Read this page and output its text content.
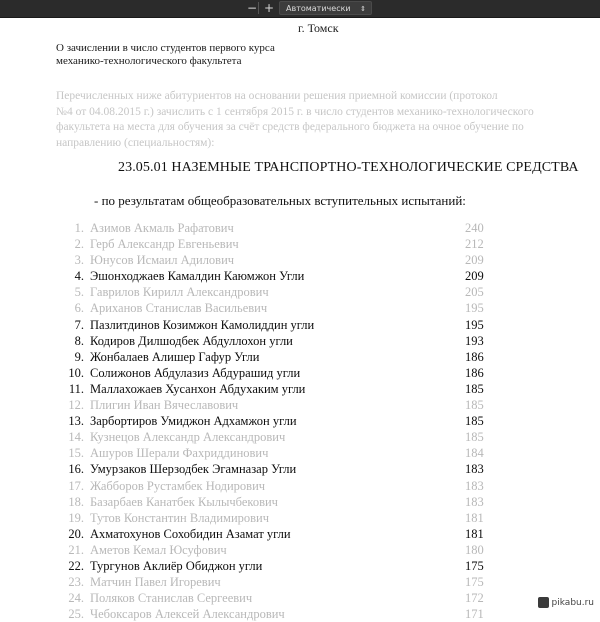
− +	Автоматически ⇕
г. Томск
О зачислении в число студентов первого курса
механико-технологического факультета
Перечисленных ниже абитуриентов на основании решения приемной комиссии (протокол
№4 от 04.08.2015 г.) зачислить с 1 сентября 2015 г. в число студентов механико-технологического
факультета на места для обучения за счёт средств федерального бюджета на очное обучение по
направлению (специальностям):
23.05.01 НАЗЕМНЫЕ ТРАНСПОРТНО-ТЕХНОЛОГИЧЕСКИЕ СРЕДСТВА
- по результатам общеобразовательных вступительных испытаний:
1. Азимов Акмаль Рафатович	240
2. Герб Александр Евгеньевич	212
3. Юнусов Исмаил Адилович	209
4. Эшонходжаев Камалдин Каюмжон Угли	209
5. Гаврилов Кирилл Александрович	205
6. Ариханов Станислав Васильевич	195
7. Пазлитдинов Козимжон Камолиддин угли	195
8. Кодиров Дилшодбек Абдуллохон угли	193
9. Жонбалаев Алишер Гафур Угли	186
10. Солижонов Абдулазиз Абдурашид угли	186
11. Маллахожаев Хусанхон Абдухаким угли	185
12. Плигин Иван Вячеславович	185
13. Зарбортиров Умиджон Адхамжон угли	185
14. Кузнецов Александр Александрович	185
15. Ашуров Шерали Фахриддинович	184
16. Умурзаков Шерзодбек Эгамназар Угли	183
17. Жабборов Рустамбек Нодирович	183
18. Базарбаев Канатбек Кылычбекович	183
19. Тутов Константин Владимирович	181
20. Ахматохунов Сохобидин Азамат угли	181
21. Аметов Кемал Юсуфович	180
22. Тургунов Аклиёр Обиджон угли	175
23. Матчин Павел Игоревич	175
24. Поляков Станислав Сергеевич	172
25. Чебоксаров Алексей Александрович	171
pikabu.ru
